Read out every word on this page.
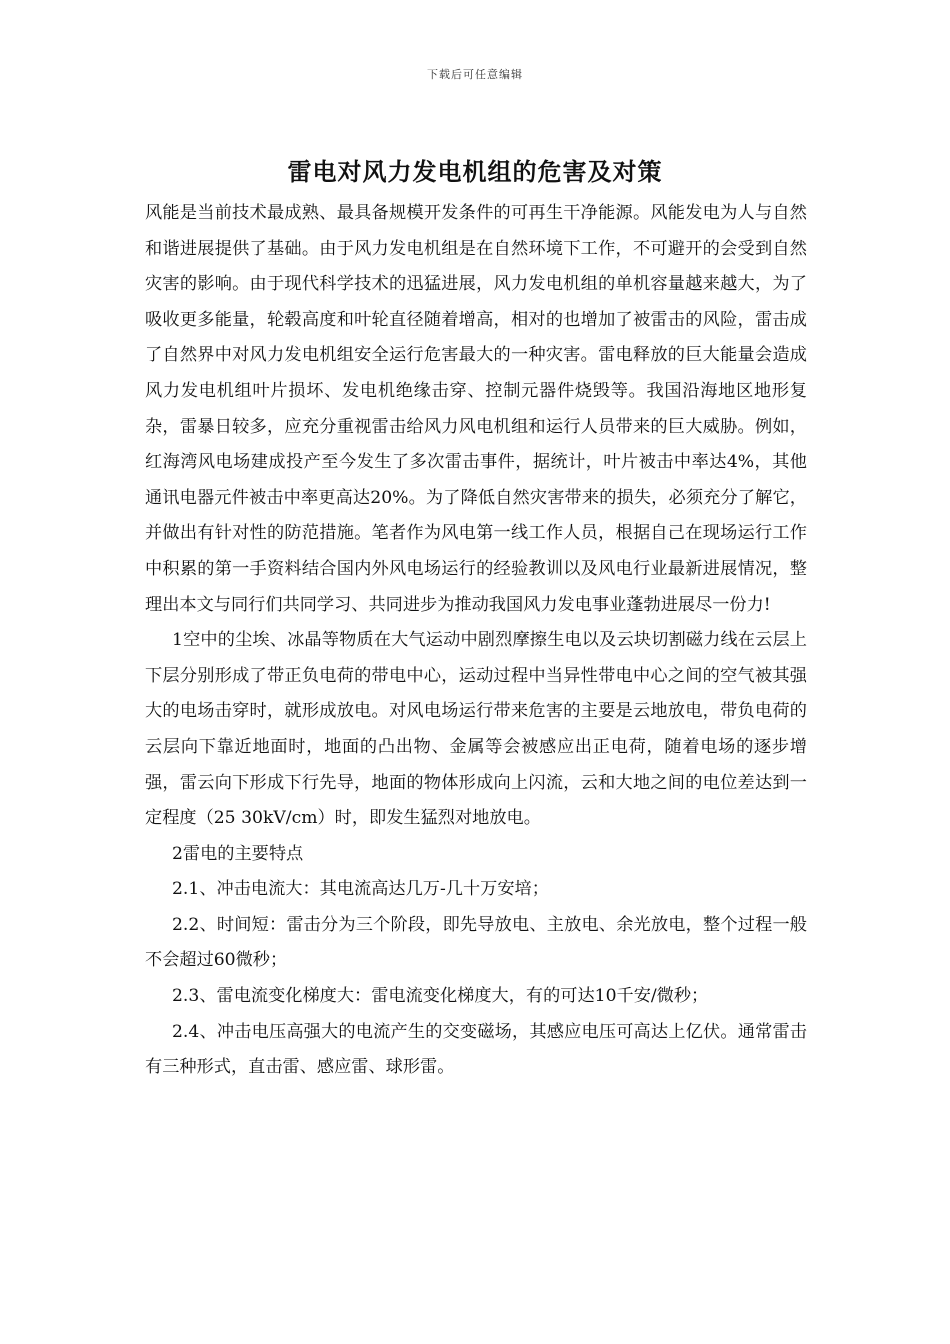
下载后可任意编辑
雷电对风力发电机组的危害及对策

风能是当前技术最成熟、最具备规模开发条件的可再生干净能源。风能发电为人与自然和谐进展提供了基础。由于风力发电机组是在自然环境下工作，不可避开的会受到自然灾害的影响。由于现代科学技术的迅猛进展，风力发电机组的单机容量越来越大，为了吸收更多能量，轮毂高度和叶轮直径随着增高，相对的也增加了被雷击的风险，雷击成了自然界中对风力发电机组安全运行危害最大的一种灾害。雷电释放的巨大能量会造成风力发电机组叶片损坏、发电机绝缘击穿、控制元器件烧毁等。我国沿海地区地形复杂，雷暴日较多，应充分重视雷击给风力风电机组和运行人员带来的巨大威胁。例如，红海湾风电场建成投产至今发生了多次雷击事件，据统计，叶片被击中率达4%，其他通讯电器元件被击中率更高达20%。为了降低自然灾害带来的损失，必须充分了解它，并做出有针对性的防范措施。笔者作为风电第一线工作人员，根据自己在现场运行工作中积累的第一手资料结合国内外风电场运行的经验教训以及风电行业最新进展情况，整理出本文与同行们共同学习、共同进步为推动我国风力发电事业蓬勃进展尽一份力!

1空中的尘埃、冰晶等物质在大气运动中剧烈摩擦生电以及云块切割磁力线在云层上下层分别形成了带正负电荷的带电中心，运动过程中当异性带电中心之间的空气被其强大的电场击穿时，就形成放电。对风电场运行带来危害的主要是云地放电，带负电荷的云层向下靠近地面时，地面的凸出物、金属等会被感应出正电荷，随着电场的逐步增强，雷云向下形成下行先导，地面的物体形成向上闪流，云和大地之间的电位差达到一定程度（25 30kV/cm）时，即发生猛烈对地放电。

2雷电的主要特点

2.1、冲击电流大：其电流高达几万-几十万安培；

2.2、时间短：雷击分为三个阶段，即先导放电、主放电、余光放电，整个过程一般不会超过60微秒；

2.3、雷电流变化梯度大：雷电流变化梯度大，有的可达10千安/微秒；

2.4、冲击电压高强大的电流产生的交变磁场，其感应电压可高达上亿伏。通常雷击有三种形式，直击雷、感应雷、球形雷。
